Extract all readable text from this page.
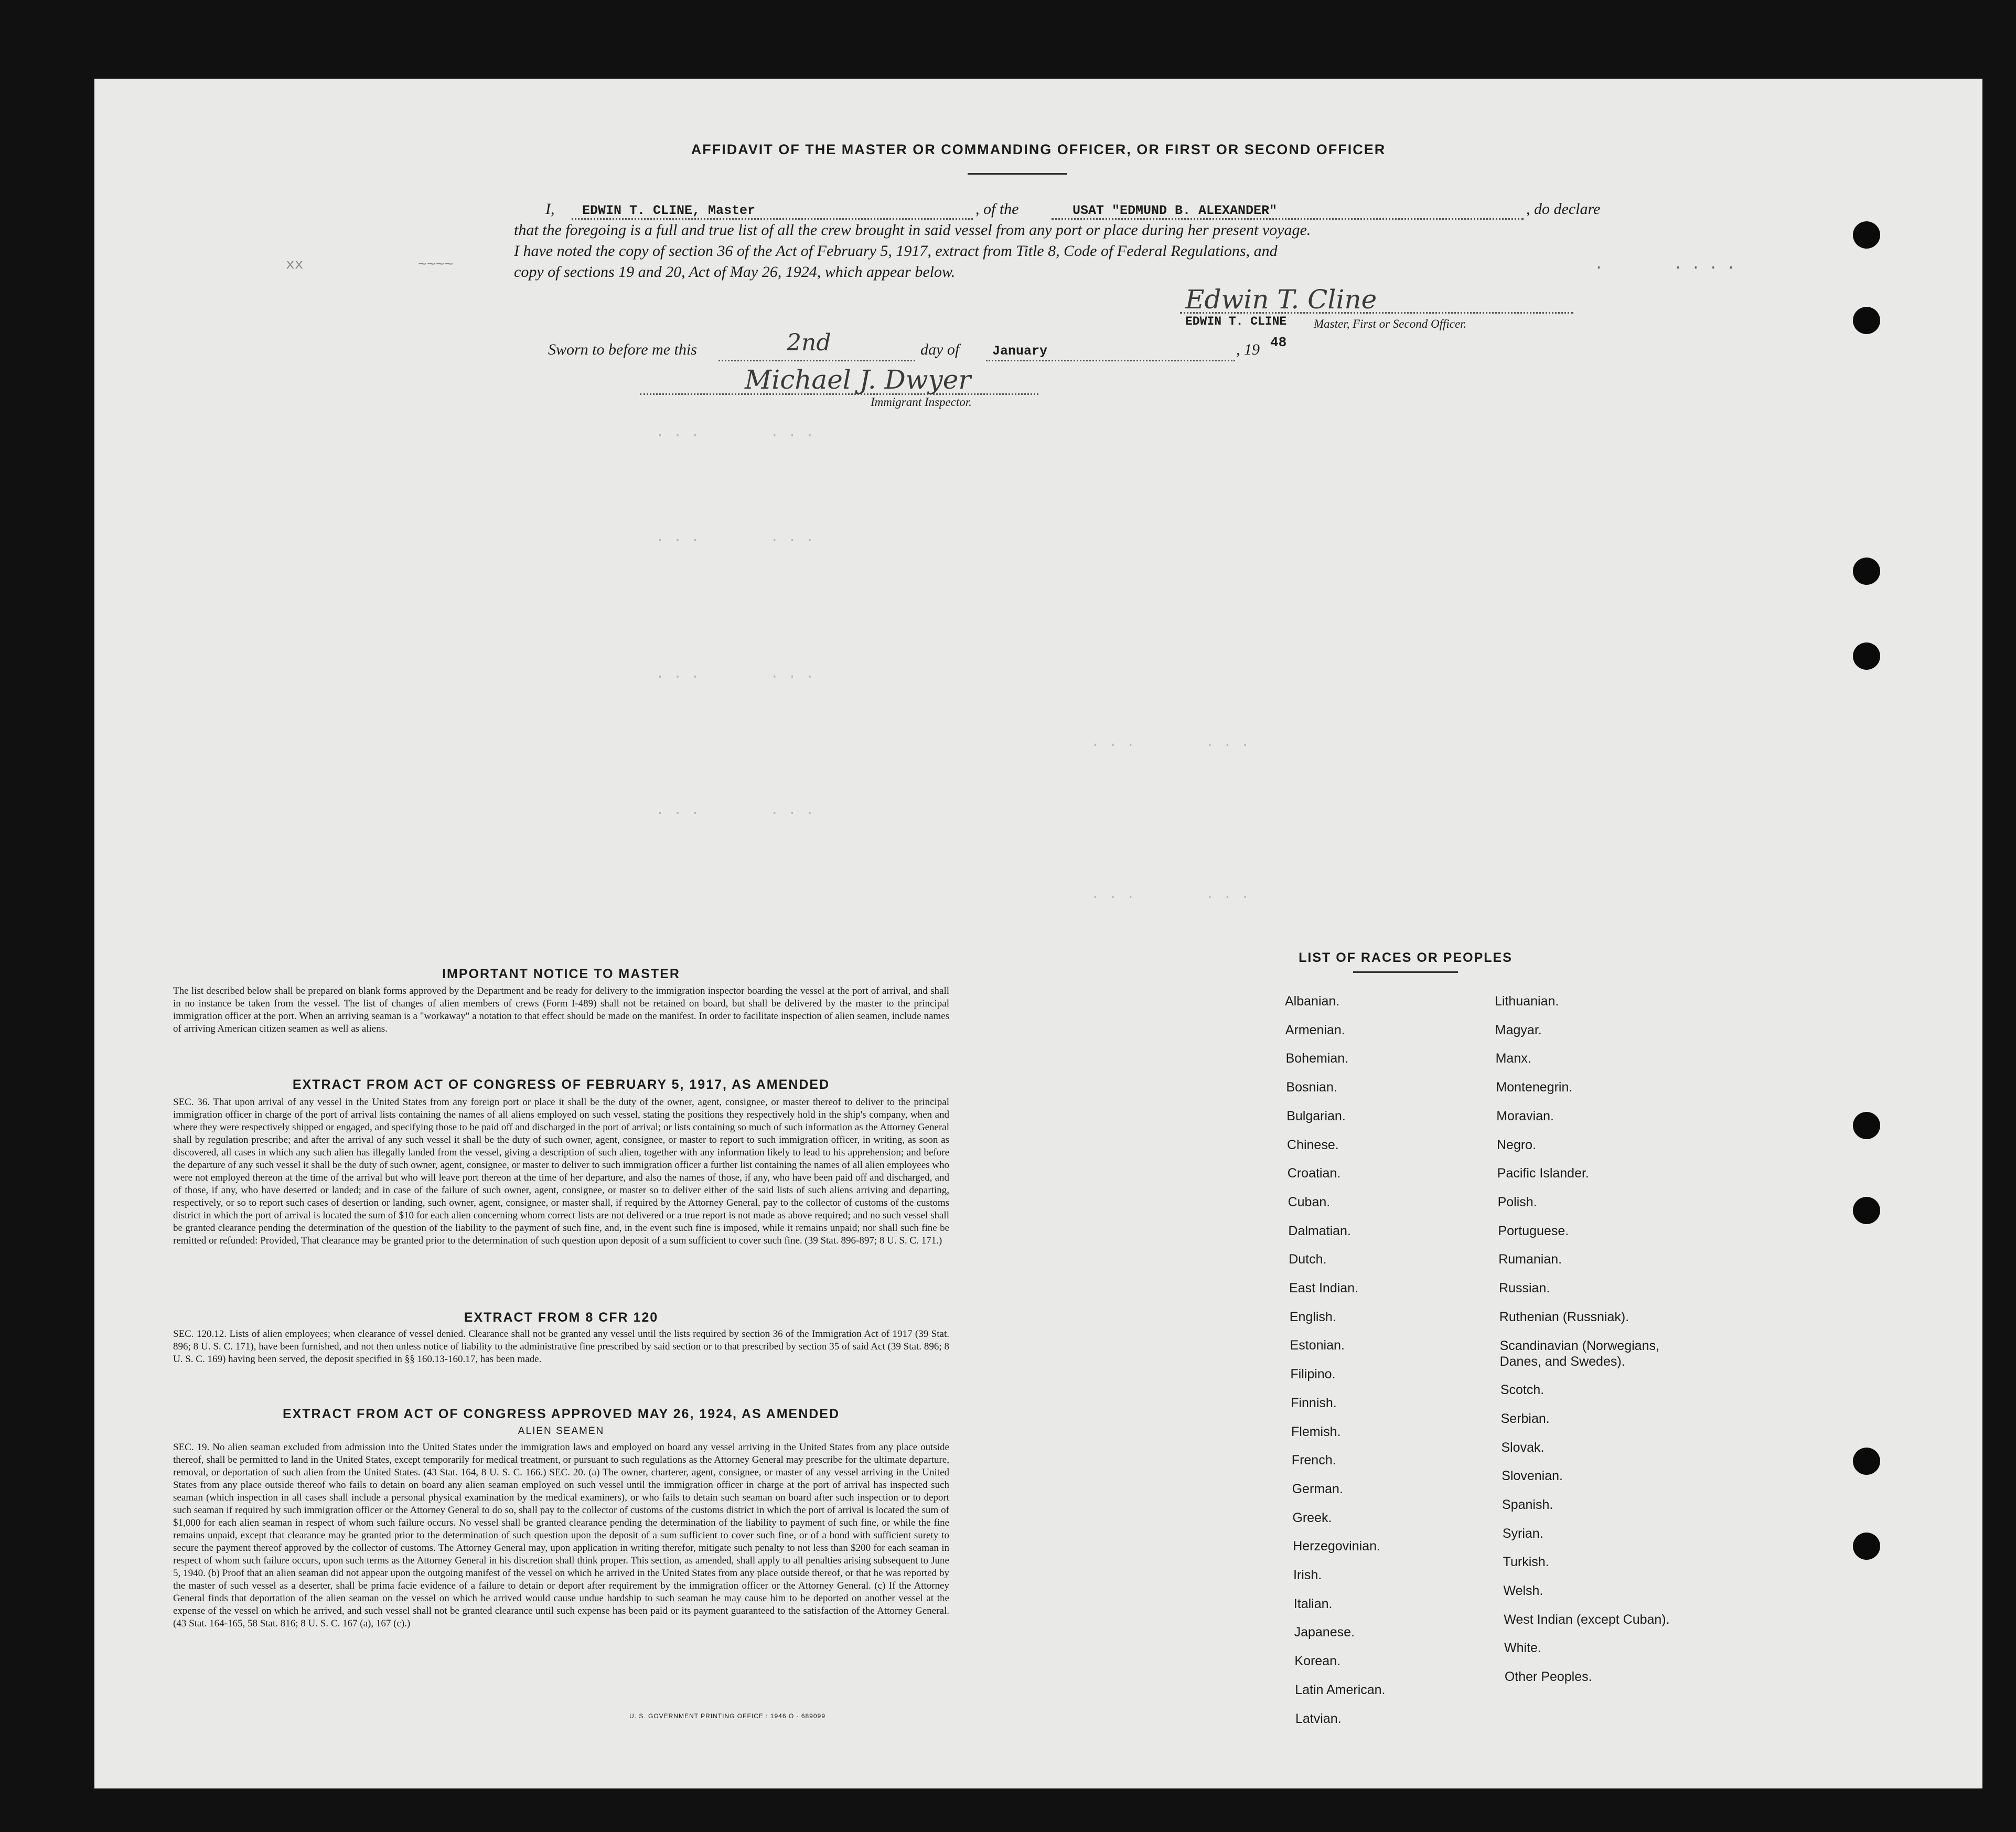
. . .        . . .
. . .        . . .
. . .        . . .
. . .        . . .
. . .        . . .
. . .        . . .
AFFIDAVIT OF THE MASTER OR COMMANDING OFFICER, OR FIRST OR SECOND OFFICER
I,	EDWIN T. CLINE, Master	, of the	USAT "EDMUND B. ALEXANDER"	, do declare
that the foregoing is a full and true list of all the crew brought in said vessel from any port or place during her present voyage.
I have noted the copy of section 36 of the Act of February 5, 1917, extract from Title 8, Code of Federal Regulations, and
copy of sections 19 and 20, Act of May 26, 1924, which appear below.
xx             ~~~~	.        . . . .
Edwin T. Cline
EDWIN T. CLINE Master, First or Second Officer.
Sworn to before me this	2nd	day of	January	, 19 48
Michael J. Dwyer
Immigrant Inspector.
IMPORTANT NOTICE TO MASTER
The list described below shall be prepared on blank forms approved by the Department and be ready for delivery to the immigration inspector boarding the vessel at the port of arrival, and shall in no instance be taken from the vessel. The list of changes of alien members of crews (Form I-489) shall not be retained on board, but shall be delivered by the master to the principal immigration officer at the port. When an arriving seaman is a "workaway" a notation to that effect should be made on the manifest. In order to facilitate inspection of alien seamen, include names of arriving American citizen seamen as well as aliens.
EXTRACT FROM ACT OF CONGRESS OF FEBRUARY 5, 1917, AS AMENDED
SEC. 36. That upon arrival of any vessel in the United States from any foreign port or place it shall be the duty of the owner, agent, consignee, or master thereof to deliver to the principal immigration officer in charge of the port of arrival lists containing the names of all aliens employed on such vessel, stating the positions they respectively hold in the ship's company, when and where they were respectively shipped or engaged, and specifying those to be paid off and discharged in the port of arrival; or lists containing so much of such information as the Attorney General shall by regulation prescribe; and after the arrival of any such vessel it shall be the duty of such owner, agent, consignee, or master to report to such immigration officer, in writing, as soon as discovered, all cases in which any such alien has illegally landed from the vessel, giving a description of such alien, together with any information likely to lead to his apprehension; and before the departure of any such vessel it shall be the duty of such owner, agent, consignee, or master to deliver to such immigration officer a further list containing the names of all alien employees who were not employed thereon at the time of the arrival but who will leave port thereon at the time of her departure, and also the names of those, if any, who have been paid off and discharged, and of those, if any, who have deserted or landed; and in case of the failure of such owner, agent, consignee, or master so to deliver either of the said lists of such aliens arriving and departing, respectively, or so to report such cases of desertion or landing, such owner, agent, consignee, or master shall, if required by the Attorney General, pay to the collector of customs of the customs district in which the port of arrival is located the sum of $10 for each alien concerning whom correct lists are not delivered or a true report is not made as above required; and no such vessel shall be granted clearance pending the determination of the question of the liability to the payment of such fine, and, in the event such fine is imposed, while it remains unpaid; nor shall such fine be remitted or refunded: Provided, That clearance may be granted prior to the determination of such question upon deposit of a sum sufficient to cover such fine. (39 Stat. 896-897; 8 U. S. C. 171.)
EXTRACT FROM 8 CFR 120
SEC. 120.12. Lists of alien employees; when clearance of vessel denied. Clearance shall not be granted any vessel until the lists required by section 36 of the Immigration Act of 1917 (39 Stat. 896; 8 U. S. C. 171), have been furnished, and not then unless notice of liability to the administrative fine prescribed by said section or to that prescribed by section 35 of said Act (39 Stat. 896; 8 U. S. C. 169) having been served, the deposit specified in §§ 160.13-160.17, has been made.
EXTRACT FROM ACT OF CONGRESS APPROVED MAY 26, 1924, AS AMENDED
ALIEN SEAMEN
SEC. 19. No alien seaman excluded from admission into the United States under the immigration laws and employed on board any vessel arriving in the United States from any place outside thereof, shall be permitted to land in the United States, except temporarily for medical treatment, or pursuant to such regulations as the Attorney General may prescribe for the ultimate departure, removal, or deportation of such alien from the United States. (43 Stat. 164, 8 U. S. C. 166.) SEC. 20. (a) The owner, charterer, agent, consignee, or master of any vessel arriving in the United States from any place outside thereof who fails to detain on board any alien seaman employed on such vessel until the immigration officer in charge at the port of arrival has inspected such seaman (which inspection in all cases shall include a personal physical examination by the medical examiners), or who fails to detain such seaman on board after such inspection or to deport such seaman if required by such immigration officer or the Attorney General to do so, shall pay to the collector of customs of the customs district in which the port of arrival is located the sum of $1,000 for each alien seaman in respect of whom such failure occurs. No vessel shall be granted clearance pending the determination of the liability to payment of such fine, or while the fine remains unpaid, except that clearance may be granted prior to the determination of such question upon the deposit of a sum sufficient to cover such fine, or of a bond with sufficient surety to secure the payment thereof approved by the collector of customs. The Attorney General may, upon application in writing therefor, mitigate such penalty to not less than $200 for each seaman in respect of whom such failure occurs, upon such terms as the Attorney General in his discretion shall think proper. This section, as amended, shall apply to all penalties arising subsequent to June 5, 1940. (b) Proof that an alien seaman did not appear upon the outgoing manifest of the vessel on which he arrived in the United States from any place outside thereof, or that he was reported by the master of such vessel as a deserter, shall be prima facie evidence of a failure to detain or deport after requirement by the immigration officer or the Attorney General. (c) If the Attorney General finds that deportation of the alien seaman on the vessel on which he arrived would cause undue hardship to such seaman he may cause him to be deported on another vessel at the expense of the vessel on which he arrived, and such vessel shall not be granted clearance until such expense has been paid or its payment guaranteed to the satisfaction of the Attorney General. (43 Stat. 164-165, 58 Stat. 816; 8 U. S. C. 167 (a), 167 (c).)
U. S. GOVERNMENT PRINTING OFFICE : 1946 O - 689099
LIST OF RACES OR PEOPLES
Albanian.
Armenian.
Bohemian.
Bosnian.
Bulgarian.
Chinese.
Croatian.
Cuban.
Dalmatian.
Dutch.
East Indian.
English.
Estonian.
Filipino.
Finnish.
Flemish.
French.
German.
Greek.
Herzegovinian.
Irish.
Italian.
Japanese.
Korean.
Latin American.
Latvian.
Lithuanian.
Magyar.
Manx.
Montenegrin.
Moravian.
Negro.
Pacific Islander.
Polish.
Portuguese.
Rumanian.
Russian.
Ruthenian (Russniak).
Scandinavian (Norwegians, Danes, and Swedes).
Scotch.
Serbian.
Slovak.
Slovenian.
Spanish.
Syrian.
Turkish.
Welsh.
West Indian (except Cuban).
White.
Other Peoples.
